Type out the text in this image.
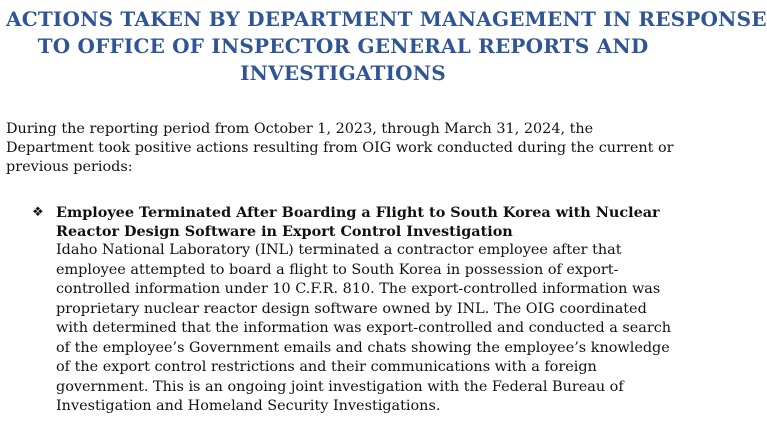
ACTIONS TAKEN BY DEPARTMENT MANAGEMENT IN RESPONSE
TO OFFICE OF INSPECTOR GENERAL REPORTS AND
INVESTIGATIONS

During the reporting period from October 1, 2023, through March 31, 2024, the
Department took positive actions resulting from OIG work conducted during the current or
previous periods:

❖ Employee Terminated After Boarding a Flight to South Korea with Nuclear
Reactor Design Software in Export Control Investigation

Idaho National Laboratory (INL) terminated a contractor employee after that
employee attempted to board a flight to South Korea in possession of export-
controlled information under 10 C.F.R. 810. The export-controlled information was
proprietary nuclear reactor design software owned by INL. The OIG coordinated
with determined that the information was export-controlled and conducted a search
of the employee’s Government emails and chats showing the employee’s knowledge
of the export control restrictions and their communications with a foreign
government. This is an ongoing joint investigation with the Federal Bureau of
Investigation and Homeland Security Investigations.
